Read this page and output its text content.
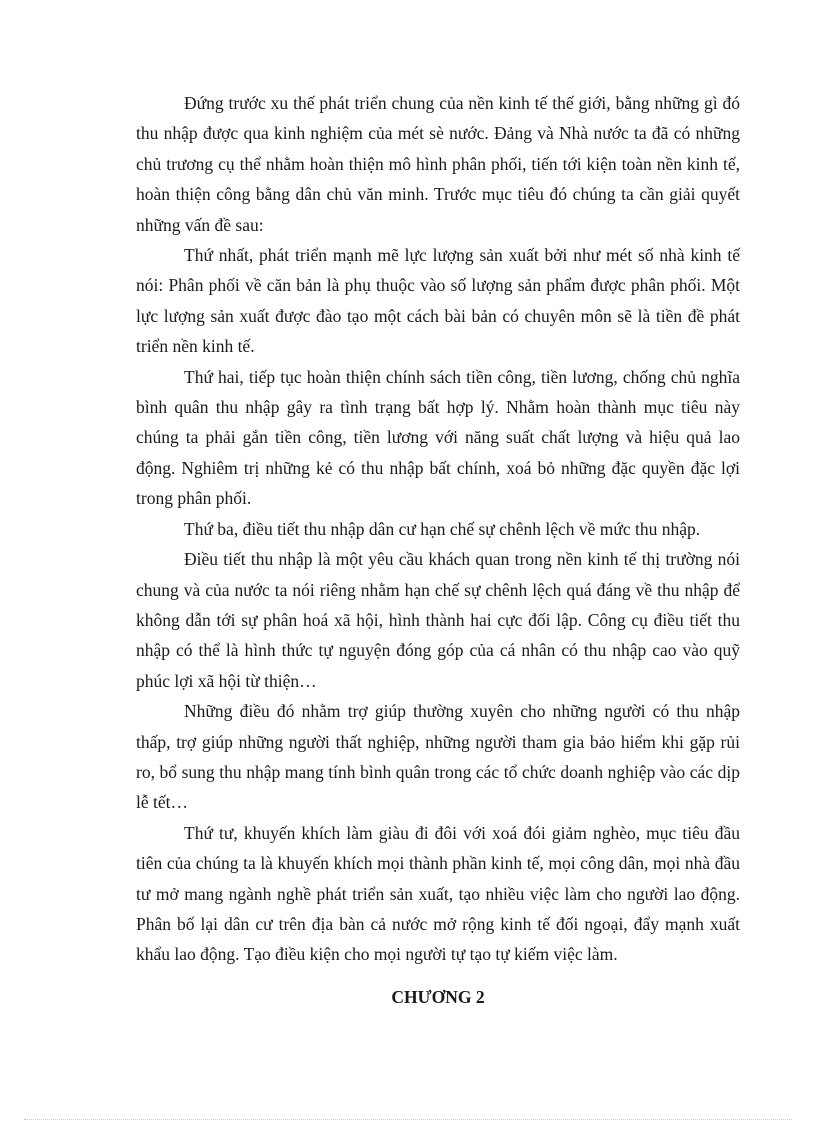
Đứng trước xu thế phát triển chung của nền kinh tế thế giới, bằng những gì đó thu nhập được qua kinh nghiệm của mét sè nước. Đảng và Nhà nước ta đã có những chủ trương cụ thể nhằm hoàn thiện mô hình phân phối, tiến tới kiện toàn nền kinh tế, hoàn thiện công bằng dân chủ văn minh. Trước mục tiêu đó chúng ta cần giải quyết những vấn đề sau:

Thứ nhất, phát triển mạnh mẽ lực lượng sản xuất bởi như mét số nhà kinh tế nói: Phân phối về căn bản là phụ thuộc vào số lượng sản phẩm được phân phối. Một lực lượng sản xuất được đào tạo một cách bài bản có chuyên môn sẽ là tiền đề phát triển nền kinh tế.

Thứ hai, tiếp tục hoàn thiện chính sách tiền công, tiền lương, chống chủ nghĩa bình quân thu nhập gây ra tình trạng bất hợp lý. Nhằm hoàn thành mục tiêu này chúng ta phải gắn tiền công, tiền lương với năng suất chất lượng và hiệu quả lao động. Nghiêm trị những kẻ có thu nhập bất chính, xoá bỏ những đặc quyền đặc lợi trong phân phối.

Thứ ba, điều tiết thu nhập dân cư hạn chế sự chênh lệch về mức thu nhập.

Điều tiết thu nhập là một yêu cầu khách quan trong nền kinh tế thị trường nói chung và của nước ta nói riêng nhằm hạn chế sự chênh lệch quá đáng về thu nhập để không dẫn tới sự phân hoá xã hội, hình thành hai cực đối lập. Công cụ điều tiết thu nhập có thể là hình thức tự nguyện đóng góp của cá nhân có thu nhập cao vào quỹ phúc lợi xã hội từ thiện…

Những điều đó nhằm trợ giúp thường xuyên cho những người có thu nhập thấp, trợ giúp những người thất nghiệp, những người tham gia bảo hiểm khi gặp rủi ro, bổ sung thu nhập mang tính bình quân trong các tổ chức doanh nghiệp vào các dịp lễ tết…

Thứ tư, khuyến khích làm giàu đi đôi với xoá đói giảm nghèo, mục tiêu đầu tiên của chúng ta là khuyến khích mọi thành phần kinh tế, mọi công dân, mọi nhà đầu tư mở mang ngành nghề phát triển sản xuất, tạo nhiều việc làm cho người lao động. Phân bố lại dân cư trên địa bàn cả nước mở rộng kinh tế đối ngoại, đẩy mạnh xuất khẩu lao động. Tạo điều kiện cho mọi người tự tạo tự kiếm việc làm.

CHƯƠNG 2
